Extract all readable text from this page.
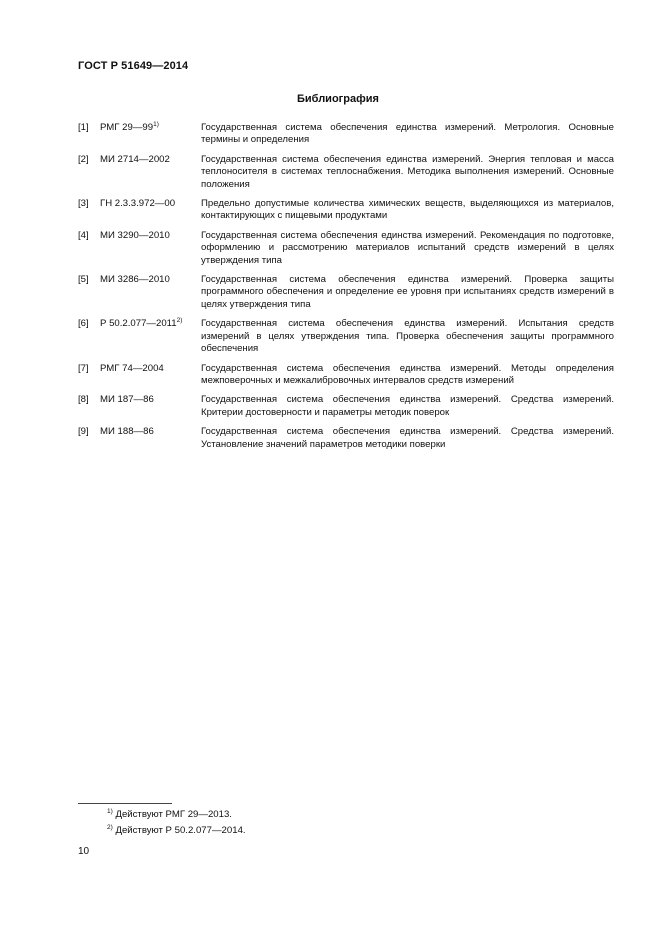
ГОСТ Р 51649—2014
Библиография
[1] РМГ 29—99$^{1)}$	Государственная система обеспечения единства измерений. Метрология. Основные термины и определения
[2] МИ 2714—2002	Государственная система обеспечения единства измерений. Энергия тепловая и масса теплоносителя в системах теплоснабжения. Методика выполнения измерений. Основные положения
[3] ГН 2.3.3.972—00	Предельно допустимые количества химических веществ, выделяющихся из материалов, контактирующих с пищевыми продуктами
[4] МИ 3290—2010	Государственная система обеспечения единства измерений. Рекомендация по подготовке, оформлению и рассмотрению материалов испытаний средств измерений в целях утверждения типа
[5] МИ 3286—2010	Государственная система обеспечения единства измерений. Проверка защиты программного обеспечения и определение ее уровня при испытаниях средств измерений в целях утверждения типа
[6] Р 50.2.077—2011$^{2)}$ Государственная система обеспечения единства измерений. Испытания средств измерений в целях утверждения типа. Проверка обеспечения защиты программного обеспечения
[7] РМГ 74—2004	Государственная система обеспечения единства измерений. Методы определения межповерочных и межкалибровочных интервалов средств измерений
[8] МИ 187—86	Государственная система обеспечения единства измерений. Средства измерений. Критерии достоверности и параметры методик поверок
[9] МИ 188—86	Государственная система обеспечения единства измерений. Средства измерений. Установление значений параметров методики поверки
$^{1)}$ Действуют РМГ 29—2013.
$^{2)}$ Действуют Р 50.2.077—2014.
10
